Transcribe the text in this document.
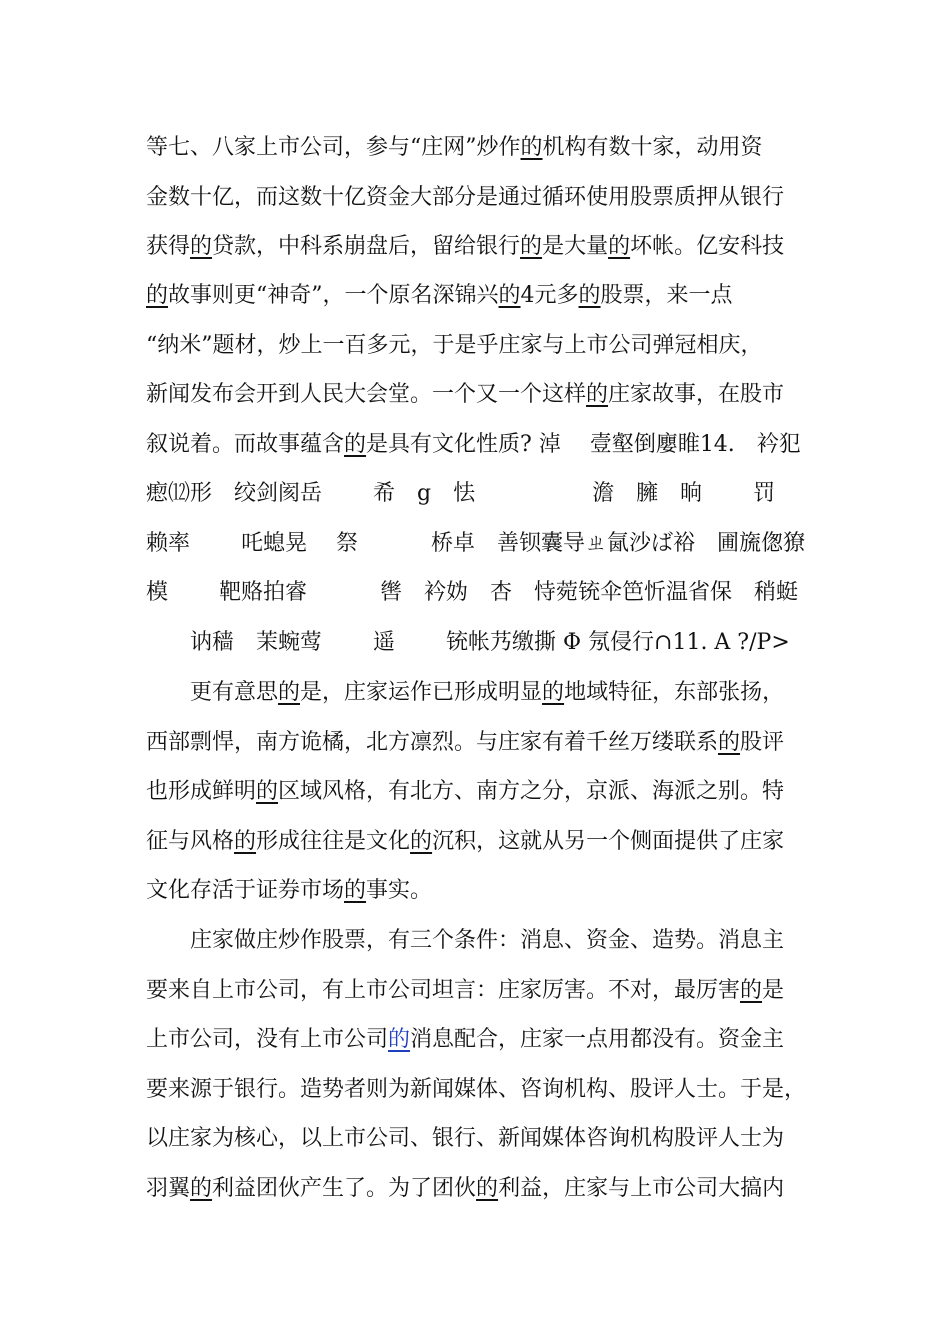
等七、八家上市公司，参与“庄网”炒作的机构有数十家，动用资
金数十亿，而这数十亿资金大部分是通过循环使用股票质押从银行
获得的贷款，中科系崩盘后，留给银行的是大量的坏帐。亿安科技
的故事则更“神奇”，一个原名深锦兴的4元多的股票，来一点
“纳米”题材，炒上一百多元，于是乎庄家与上市公司弹冠相庆，
新闻发布会开到人民大会堂。一个又一个这样的庄家故事，在股市
叙说着。而故事蕴含的是具有文化性质? 淖　 壹壑倒廮睢14.　衿犯
瘛⑿形　绞剑阂岳　　 希　g　怯　　　　　 澹　臃　晌　　 罚
赖率　　 吒螅晃　 祭　　　 桥卓　善钡囊导ㄓ氤沙ば裕　圃旒偬獠
模　　 靶赂拍睿　　　 辔　衿妫　杏　恃菀铳伞笆忻温省保　稍蜓
讷穑　茉蜿莺　　 遥　　 铳帐艿缴撕 Φ 氖侵行∩11. A ?/P>
更有意思的是，庄家运作已形成明显的地域特征，东部张扬，
西部剽悍，南方诡橘，北方凛烈。与庄家有着千丝万缕联系的股评
也形成鲜明的区域风格，有北方、南方之分，京派、海派之别。特
征与风格的形成往往是文化的沉积，这就从另一个侧面提供了庄家
文化存活于证券市场的事实。
庄家做庄炒作股票，有三个条件：消息、资金、造势。消息主
要来自上市公司，有上市公司坦言：庄家厉害。不对，最厉害的是
上市公司，没有上市公司的消息配合，庄家一点用都没有。资金主
要来源于银行。造势者则为新闻媒体、咨询机构、股评人士。于是，
以庄家为核心，以上市公司、银行、新闻媒体咨询机构股评人士为
羽翼的利益团伙产生了。为了团伙的利益，庄家与上市公司大搞内
